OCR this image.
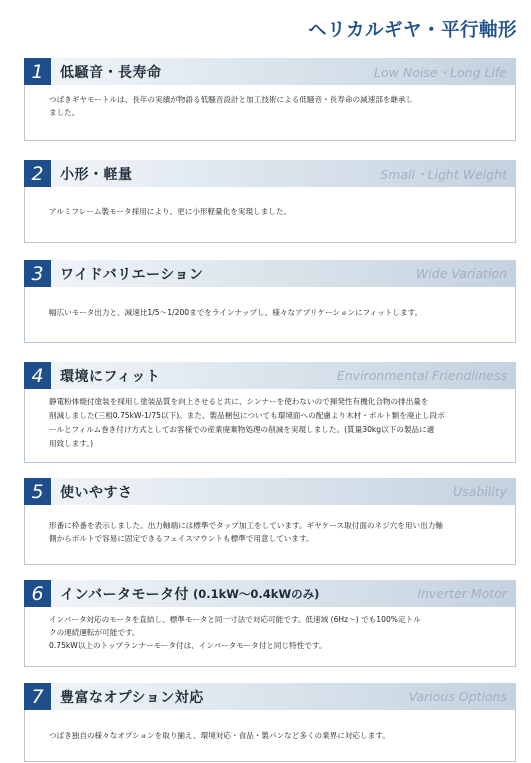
ヘリカルギヤ・平行軸形
1 低騒音・長寿命	Low Noise・Long Life

つばきギヤモートルは、長年の実績が物語る低騒音設計と加工技術による低騒音・長寿命の減速部を継承し

ました。

2 小形・軽量	Small・Light Weight

アルミフレーム製モータ採用により、更に小形軽量化を実現しました。

3 ワイドバリエーション	Wide Variation

幅広いモータ出力と、減速比1/5〜1/200までをラインナップし、様々なアプリケーションにフィットします。

4 環境にフィット	Environmental Friendliness

静電粉体焼付塗装を採用し塗装品質を向上させると共に、シンナーを使わないので揮発性有機化合物の排出量を

削減しました(三相0.75kW-1/75以下)。また、製品梱包についても環境面への配慮より木材・ボルト類を廃止し段ボ

ールとフィルム巻き付け方式としてお客様での産業廃棄物処理の削減を実現しました。(質量30kg以下の製品に適

用致します。)

5 使いやすさ	Usability

形番に枠番を表示しました。出力軸端には標準でタップ加工をしています。ギヤケース取付面のネジ穴を用い出力軸

側からボルトで容易に固定できるフェイスマウントも標準で用意しています。

6 インバータモータ付 (0.1kW〜0.4kWのみ)	Inverter Motor

インバータ対応のモータを直結し、標準モータと同一寸法で対応可能です。低速域 (6Hz〜) でも100%定トル

クの連続運転が可能です。

0.75kW以上のトップランナーモータ付は、インバータモータ付と同じ特性です。

7 豊富なオプション対応	Various Options

つばき独自の様々なオプションを取り揃え、環境対応・食品・製パンなど多くの業界に対応します。
